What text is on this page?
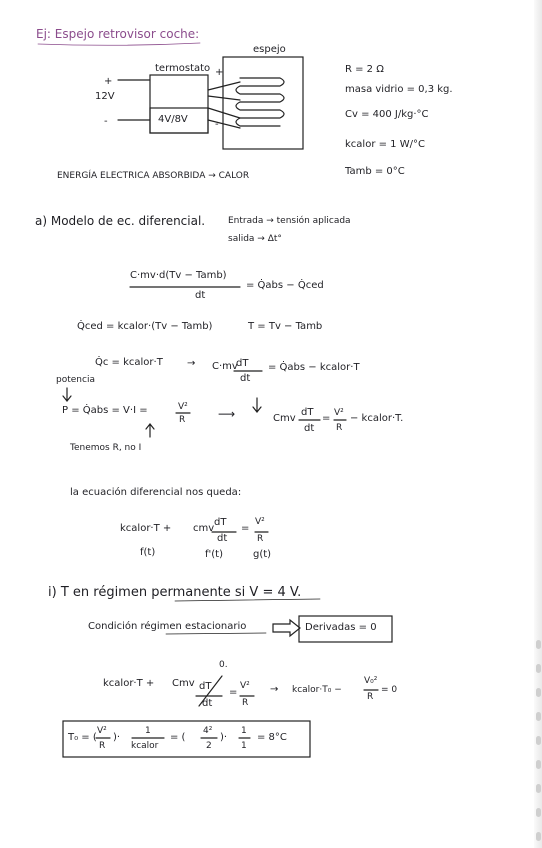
Ej: Espejo retrovisor coche:
termostato
espejo
12V
+
-
+
-
4V/8V
R = 2 Ω
masa vidrio = 0,3 kg.
Cv = 400 J/kg·°C
kcalor = 1 W/°C
Tamb = 0°C
ENERGÍA ELECTRICA ABSORBIDA → CALOR
a) Modelo de ec. diferencial.	Entrada → tensión aplicada
salida → Δt°
C·mv·d(Tv − Tamb)
dt
= Q̇abs − Q̇ced
Q̇ced = kcalor·(Tv − Tamb)	T = Tv − Tamb
Q̇c = kcalor·T → C·mv
dT
dt
= Q̇abs − kcalor·T
potencia
P = Q̇abs = V·I =	V²
R	⟶	Cmv
dT
dt
= V²
R
− kcalor·T.
Tenemos R, no I
la ecuación diferencial nos queda:
kcalor·T + cmv
dT
dt
=
V²
R
f(t)	f'(t)	g(t)
i) T en régimen permanente si V = 4 V.
Condición régimen estacionario	Derivadas = 0
kcalor·T + Cmv dT
dt
0.
=
V²
R
→ kcalor·T₀ −
V₀²
R
= 0
T₀ = (
V²
R
)·
1
kcalor
= (
4²
2
)·
1
1
= 8°C
